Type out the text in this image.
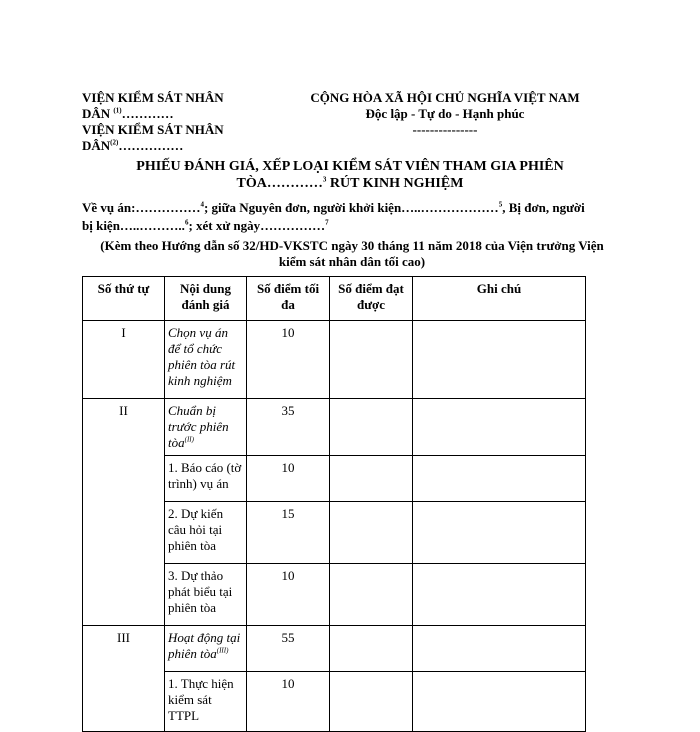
VIỆN KIỂM SÁT NHÂN
DÂN $^{(1)}$…………
VIỆN KIỂM SÁT NHÂN
DÂN$^{(2)}$……………
CỘNG HÒA XÃ HỘI CHỦ NGHĨA VIỆT NAM
Độc lập - Tự do - Hạnh phúc
---------------
PHIẾU ĐÁNH GIÁ, XẾP LOẠI KIỂM SÁT VIÊN THAM GIA PHIÊN
TÒA…………$^3$ RÚT KINH NGHIỆM
Về vụ án:……………$^4$; giữa Nguyên đơn, người khởi kiện…..………………$^5$, Bị đơn, người
bị kiện…..………..$^6$; xét xử ngày……………$^7$
(Kèm theo Hướng dẫn số 32/HD-VKSTC ngày 30 tháng 11 năm 2018 của Viện trưởng Viện
kiểm sát nhân dân tối cao)
Số thứ tự	Nội dung đánh giá	Số điểm tối đa	Số điểm đạt được	Ghi chú
I	Chọn vụ án để tổ chức phiên tòa rút kinh nghiệm	10		
II	Chuẩn bị trước phiên tòa$^{(II)}$	35		
	1. Báo cáo (tờ trình) vụ án	10		
	2. Dự kiến câu hỏi tại phiên tòa	15		
	3. Dự thảo phát biểu tại phiên tòa	10		
III	Hoạt động tại phiên tòa$^{(III)}$	55		
	1. Thực hiện kiểm sát TTPL	10		
